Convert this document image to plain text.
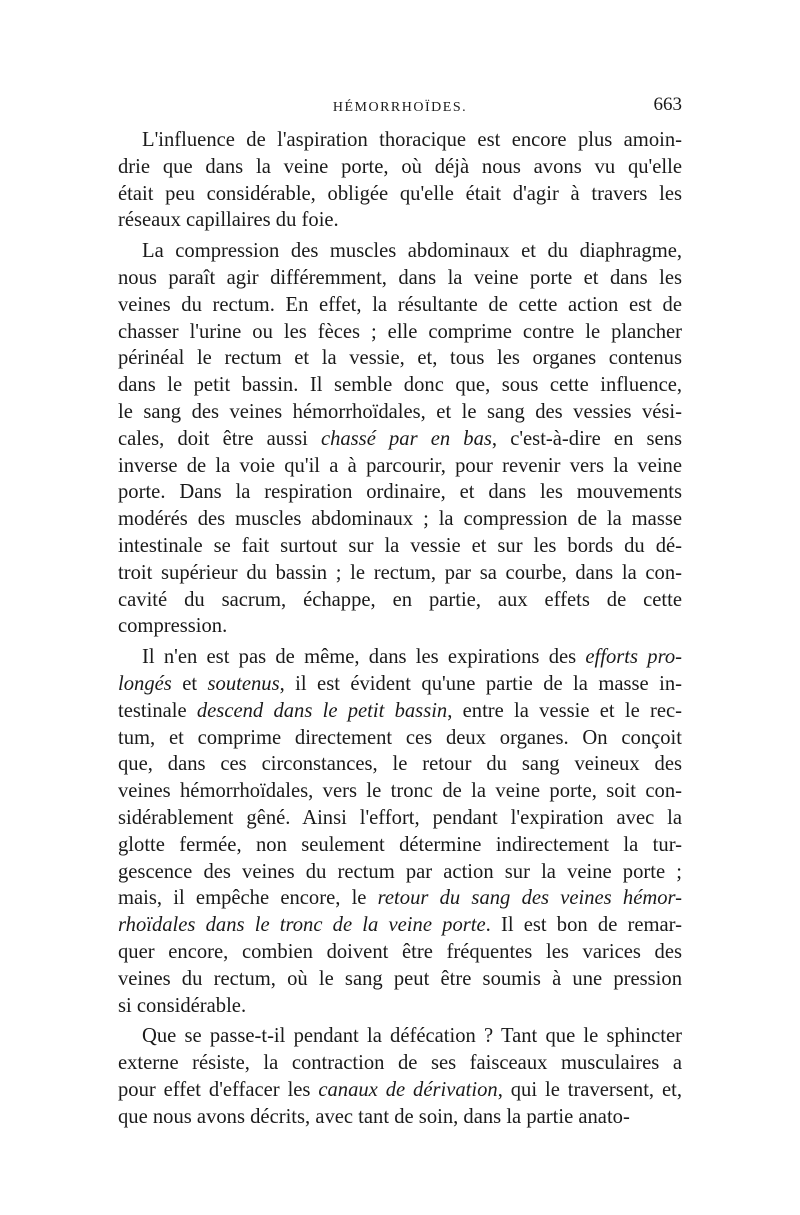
HÉMORRHOÏDES.	663
L'influence de l'aspiration thoracique est encore plus amoin-
drie que dans la veine porte, où déjà nous avons vu qu'elle
était peu considérable, obligée qu'elle était d'agir à travers les
réseaux capillaires du foie.
La compression des muscles abdominaux et du diaphragme,
nous paraît agir différemment, dans la veine porte et dans les
veines du rectum. En effet, la résultante de cette action est de
chasser l'urine ou les fèces ; elle comprime contre le plancher
périnéal le rectum et la vessie, et, tous les organes contenus
dans le petit bassin. Il semble donc que, sous cette influence,
le sang des veines hémorrhoïdales, et le sang des vessies vési-
cales, doit être aussi chassé par en bas, c'est-à-dire en sens
inverse de la voie qu'il a à parcourir, pour revenir vers la veine
porte. Dans la respiration ordinaire, et dans les mouvements
modérés des muscles abdominaux ; la compression de la masse
intestinale se fait surtout sur la vessie et sur les bords du dé-
troit supérieur du bassin ; le rectum, par sa courbe, dans la con-
cavité du sacrum, échappe, en partie, aux effets de cette
compression.
Il n'en est pas de même, dans les expirations des efforts pro-
longés et soutenus, il est évident qu'une partie de la masse in-
testinale descend dans le petit bassin, entre la vessie et le rec-
tum, et comprime directement ces deux organes. On conçoit
que, dans ces circonstances, le retour du sang veineux des
veines hémorrhoïdales, vers le tronc de la veine porte, soit con-
sidérablement gêné. Ainsi l'effort, pendant l'expiration avec la
glotte fermée, non seulement détermine indirectement la tur-
gescence des veines du rectum par action sur la veine porte ;
mais, il empêche encore, le retour du sang des veines hémor-
rhoïdales dans le tronc de la veine porte. Il est bon de remar-
quer encore, combien doivent être fréquentes les varices des
veines du rectum, où le sang peut être soumis à une pression
si considérable.
Que se passe-t-il pendant la défécation ? Tant que le sphincter
externe résiste, la contraction de ses faisceaux musculaires a
pour effet d'effacer les canaux de dérivation, qui le traversent, et,
que nous avons décrits, avec tant de soin, dans la partie anato-
